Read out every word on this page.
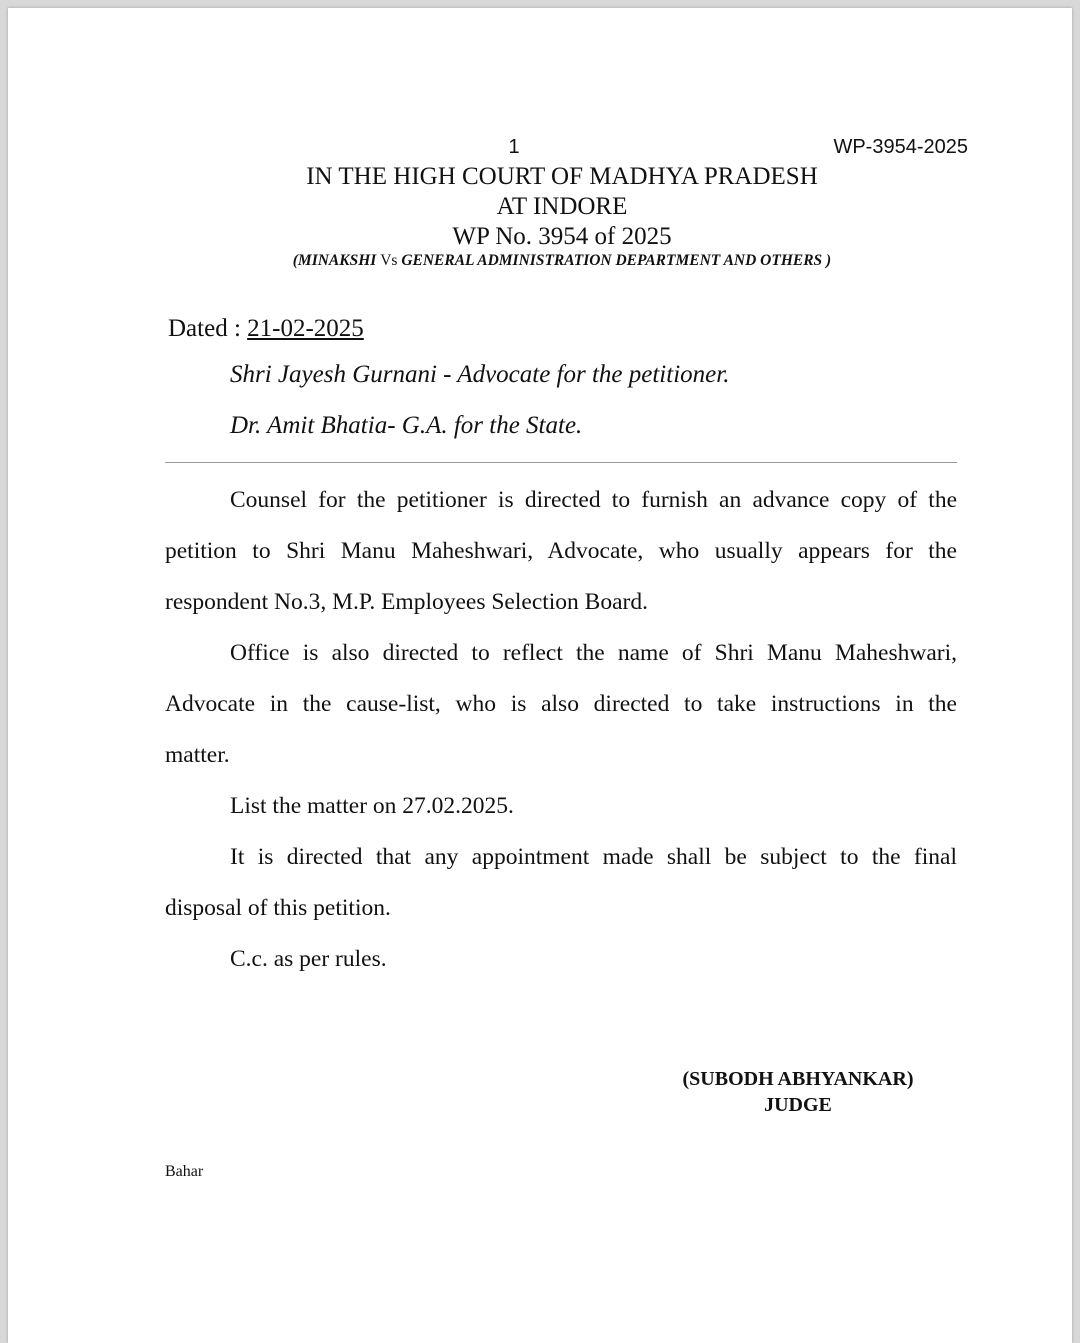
1	WP-3954-2025
IN THE HIGH COURT OF MADHYA PRADESH
AT INDORE
WP No. 3954 of 2025
(MINAKSHI Vs GENERAL ADMINISTRATION DEPARTMENT AND OTHERS )
Dated : 21-02-2025
Shri Jayesh Gurnani - Advocate for the petitioner.
Dr. Amit Bhatia- G.A. for the State.
Counsel for the petitioner is directed to furnish an advance copy of the
petition to Shri Manu Maheshwari, Advocate, who usually appears for the
respondent No.3, M.P. Employees Selection Board.
Office is also directed to reflect the name of Shri Manu Maheshwari,
Advocate in the cause-list, who is also directed to take instructions in the
matter.
List the matter on 27.02.2025.
It is directed that any appointment made shall be subject to the final
disposal of this petition.
C.c. as per rules.
(SUBODH ABHYANKAR)
JUDGE
Bahar
